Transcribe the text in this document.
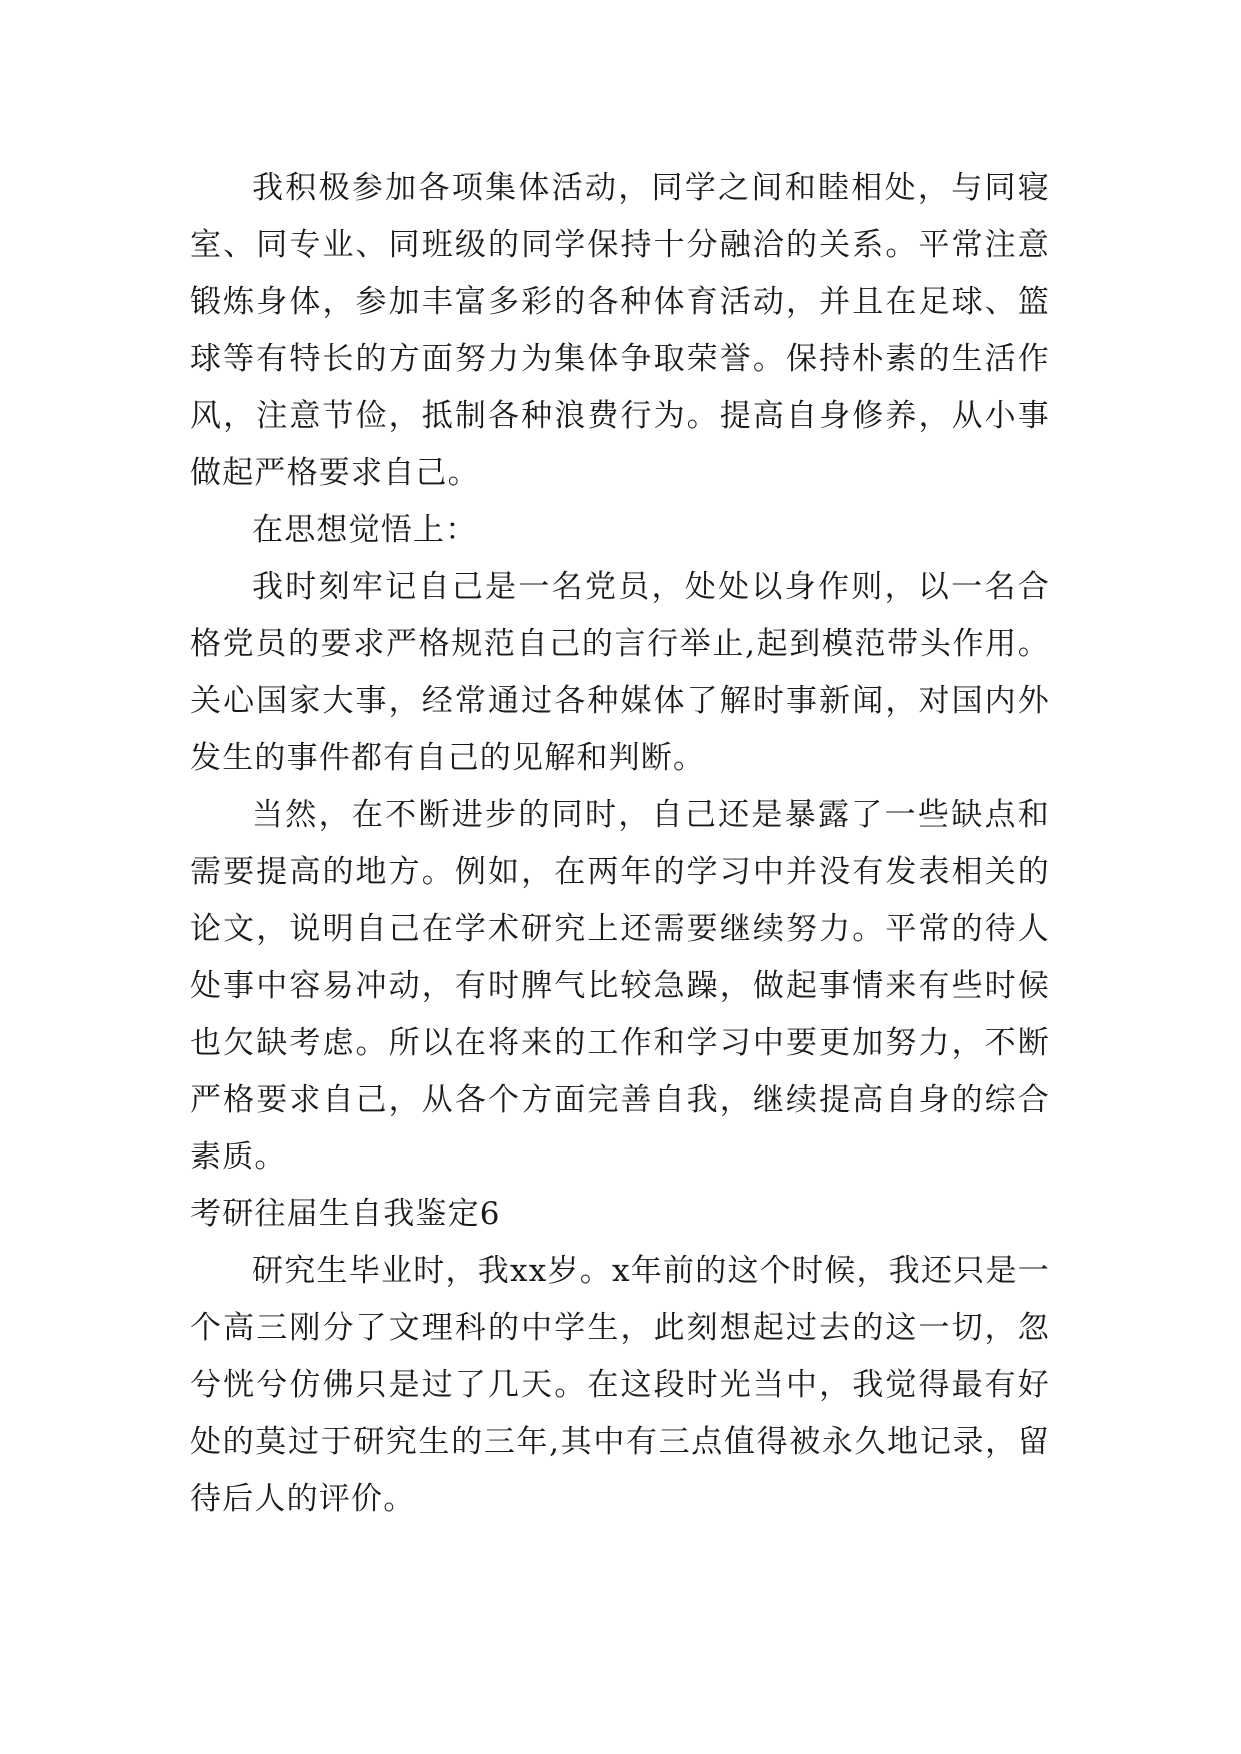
我积极参加各项集体活动，同学之间和睦相处，与同寝室、同专业、同班级的同学保持十分融洽的关系。平常注意锻炼身体，参加丰富多彩的各种体育活动，并且在足球、篮球等有特长的方面努力为集体争取荣誉。保持朴素的生活作风，注意节俭，抵制各种浪费行为。提高自身修养，从小事做起严格要求自己。

在思想觉悟上：

我时刻牢记自己是一名党员，处处以身作则，以一名合格党员的要求严格规范自己的言行举止,起到模范带头作用。关心国家大事，经常通过各种媒体了解时事新闻，对国内外发生的事件都有自己的见解和判断。

当然，在不断进步的同时，自己还是暴露了一些缺点和需要提高的地方。例如，在两年的学习中并没有发表相关的论文，说明自己在学术研究上还需要继续努力。平常的待人处事中容易冲动，有时脾气比较急躁，做起事情来有些时候也欠缺考虑。所以在将来的工作和学习中要更加努力，不断严格要求自己，从各个方面完善自我，继续提高自身的综合素质。

考研往届生自我鉴定6

研究生毕业时，我xx岁。x年前的这个时候，我还只是一个高三刚分了文理科的中学生，此刻想起过去的这一切，忽兮恍兮仿佛只是过了几天。在这段时光当中，我觉得最有好处的莫过于研究生的三年,其中有三点值得被永久地记录，留待后人的评价。
